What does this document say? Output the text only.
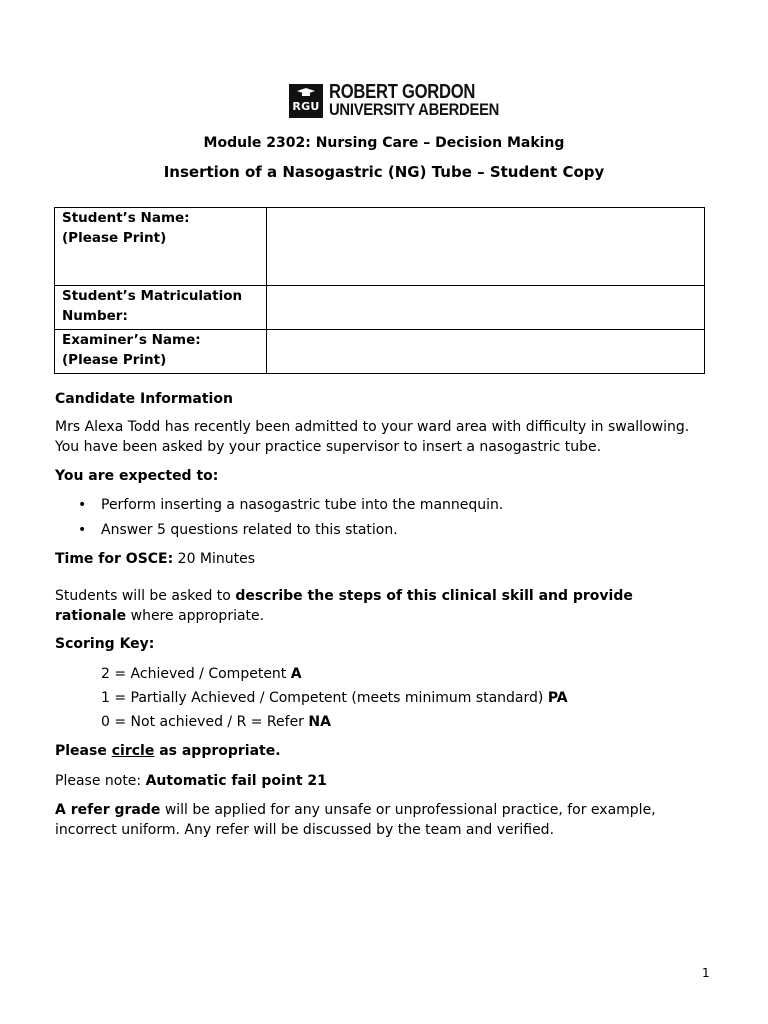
RGU
ROBERT GORDON
UNIVERSITY ABERDEEN
Module 2302: Nursing Care – Decision Making
Insertion of a Nasogastric (NG) Tube – Student Copy
Student’s Name:
(Please Print)	
Student’s Matriculation
Number:	
Examiner’s Name:
(Please Print)	
Candidate Information
Mrs Alexa Todd has recently been admitted to your ward area with difficulty in swallowing.
You have been asked by your practice supervisor to insert a nasogastric tube.
You are expected to:
• Perform inserting a nasogastric tube into the mannequin.
• Answer 5 questions related to this station.
Time for OSCE: 20 Minutes
Students will be asked to describe the steps of this clinical skill and provide
rationale where appropriate.
Scoring Key:
2 = Achieved / Competent A
1 = Partially Achieved / Competent (meets minimum standard) PA
0 = Not achieved / R = Refer NA
Please circle as appropriate.
Please note: Automatic fail point 21
A refer grade will be applied for any unsafe or unprofessional practice, for example,
incorrect uniform. Any refer will be discussed by the team and verified.
1
